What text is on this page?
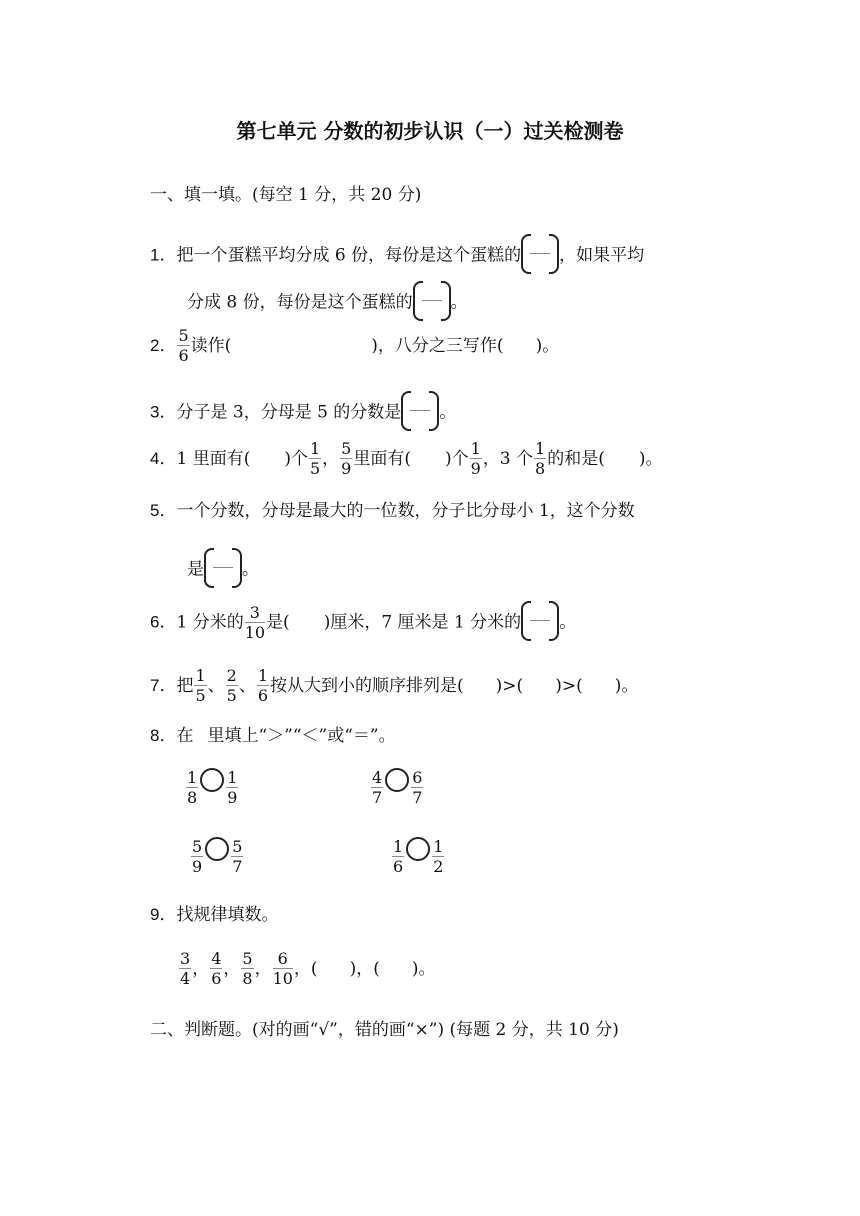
第七单元 分数的初步认识（一）过关检测卷
一、填一填。(每空 1 分，共 20 分)
1．把一个蛋糕平均分成 6 份，每份是这个蛋糕的 ，如果平均
分成 8 份，每份是这个蛋糕的 。
2． $\frac{5}{6}$ 读作(	)，八分之三写作( )。
3．分子是 3，分母是 5 的分数是 。
4．1 里面有( )个 $\frac{1}{5}$ ， $\frac{5}{9}$ 里面有( )个 $\frac{1}{9}$ ，3 个 $\frac{1}{8}$ 的和是( )。
5．一个分数，分母是最大的一位数，分子比分母小 1，这个分数
是 。
6．1 分米的 $\frac{3}{10}$ 是( )厘米，7 厘米是 1 分米的 。
7．把 $\frac{1}{5}$ 、 $\frac{2}{5}$ 、 $\frac{1}{6}$ 按从大到小的顺序排列是( )>( )>( )。
8．在 里填上“＞”“＜”或“＝”。
$\frac{1}{8} \frac{1}{9}$	$\frac{4}{7} \frac{6}{7}$
$\frac{5}{9} \frac{5}{7}$	$\frac{1}{6} \frac{1}{2}$
9．找规律填数。
$\frac{3}{4}$ ， $\frac{4}{6}$ ， $\frac{5}{8}$ ， $\frac{6}{10}$ ，( )，( )。
二、判断题。(对的画“√”，错的画“×”) (每题 2 分，共 10 分)
